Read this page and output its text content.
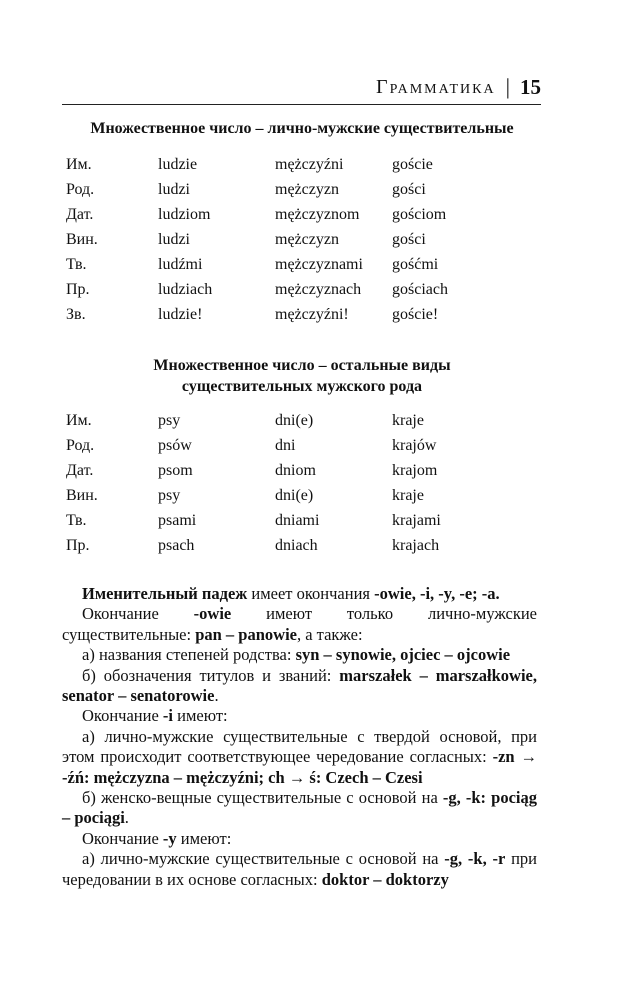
Грамматика | 15
Множественное число – лично-мужские существительные
Им.	ludzie	mężczyźni	goście
Род.	ludzi	mężczyzn	gości
Дат.	ludziom	mężczyznom	gościom
Вин.	ludzi	mężczyzn	gości
Тв.	ludźmi	mężczyznami	gośćmi
Пр.	ludziach	mężczyznach	gościach
Зв.	ludzie!	mężczyźni!	goście!
Множественное число – остальные виды
существительных мужского рода
Им.	psy	dni(e)	kraje
Род.	psów	dni	krajów
Дат.	psom	dniom	krajom
Вин.	psy	dni(e)	kraje
Тв.	psami	dniami	krajami
Пр.	psach	dniach	krajach

Именительный падеж имеет окончания -owie, -i, -y, -e; -a.

Окончание -owie имеют только лично-мужские существительные: pan – panowie, а также:

а) названия степеней родства: syn – synowie, ojciec – ojcowie

б) обозначения титулов и званий: marszałek – marszałkowie, senator – senatorowie.

Окончание -i имеют:

а) лично-мужские существительные с твердой основой, при этом происходит соответствующее чередование согласных: -zn → -źń: mężczyzna – mężczyźni; ch → ś: Czech – Czesi

б) женско-вещные существительные с основой на -g, -k: pociąg – pociągi.

Окончание -y имеют:

а) лично-мужские существительные с основой на -g, -k, -r при чередовании в их основе согласных: doktor – doktorzy
